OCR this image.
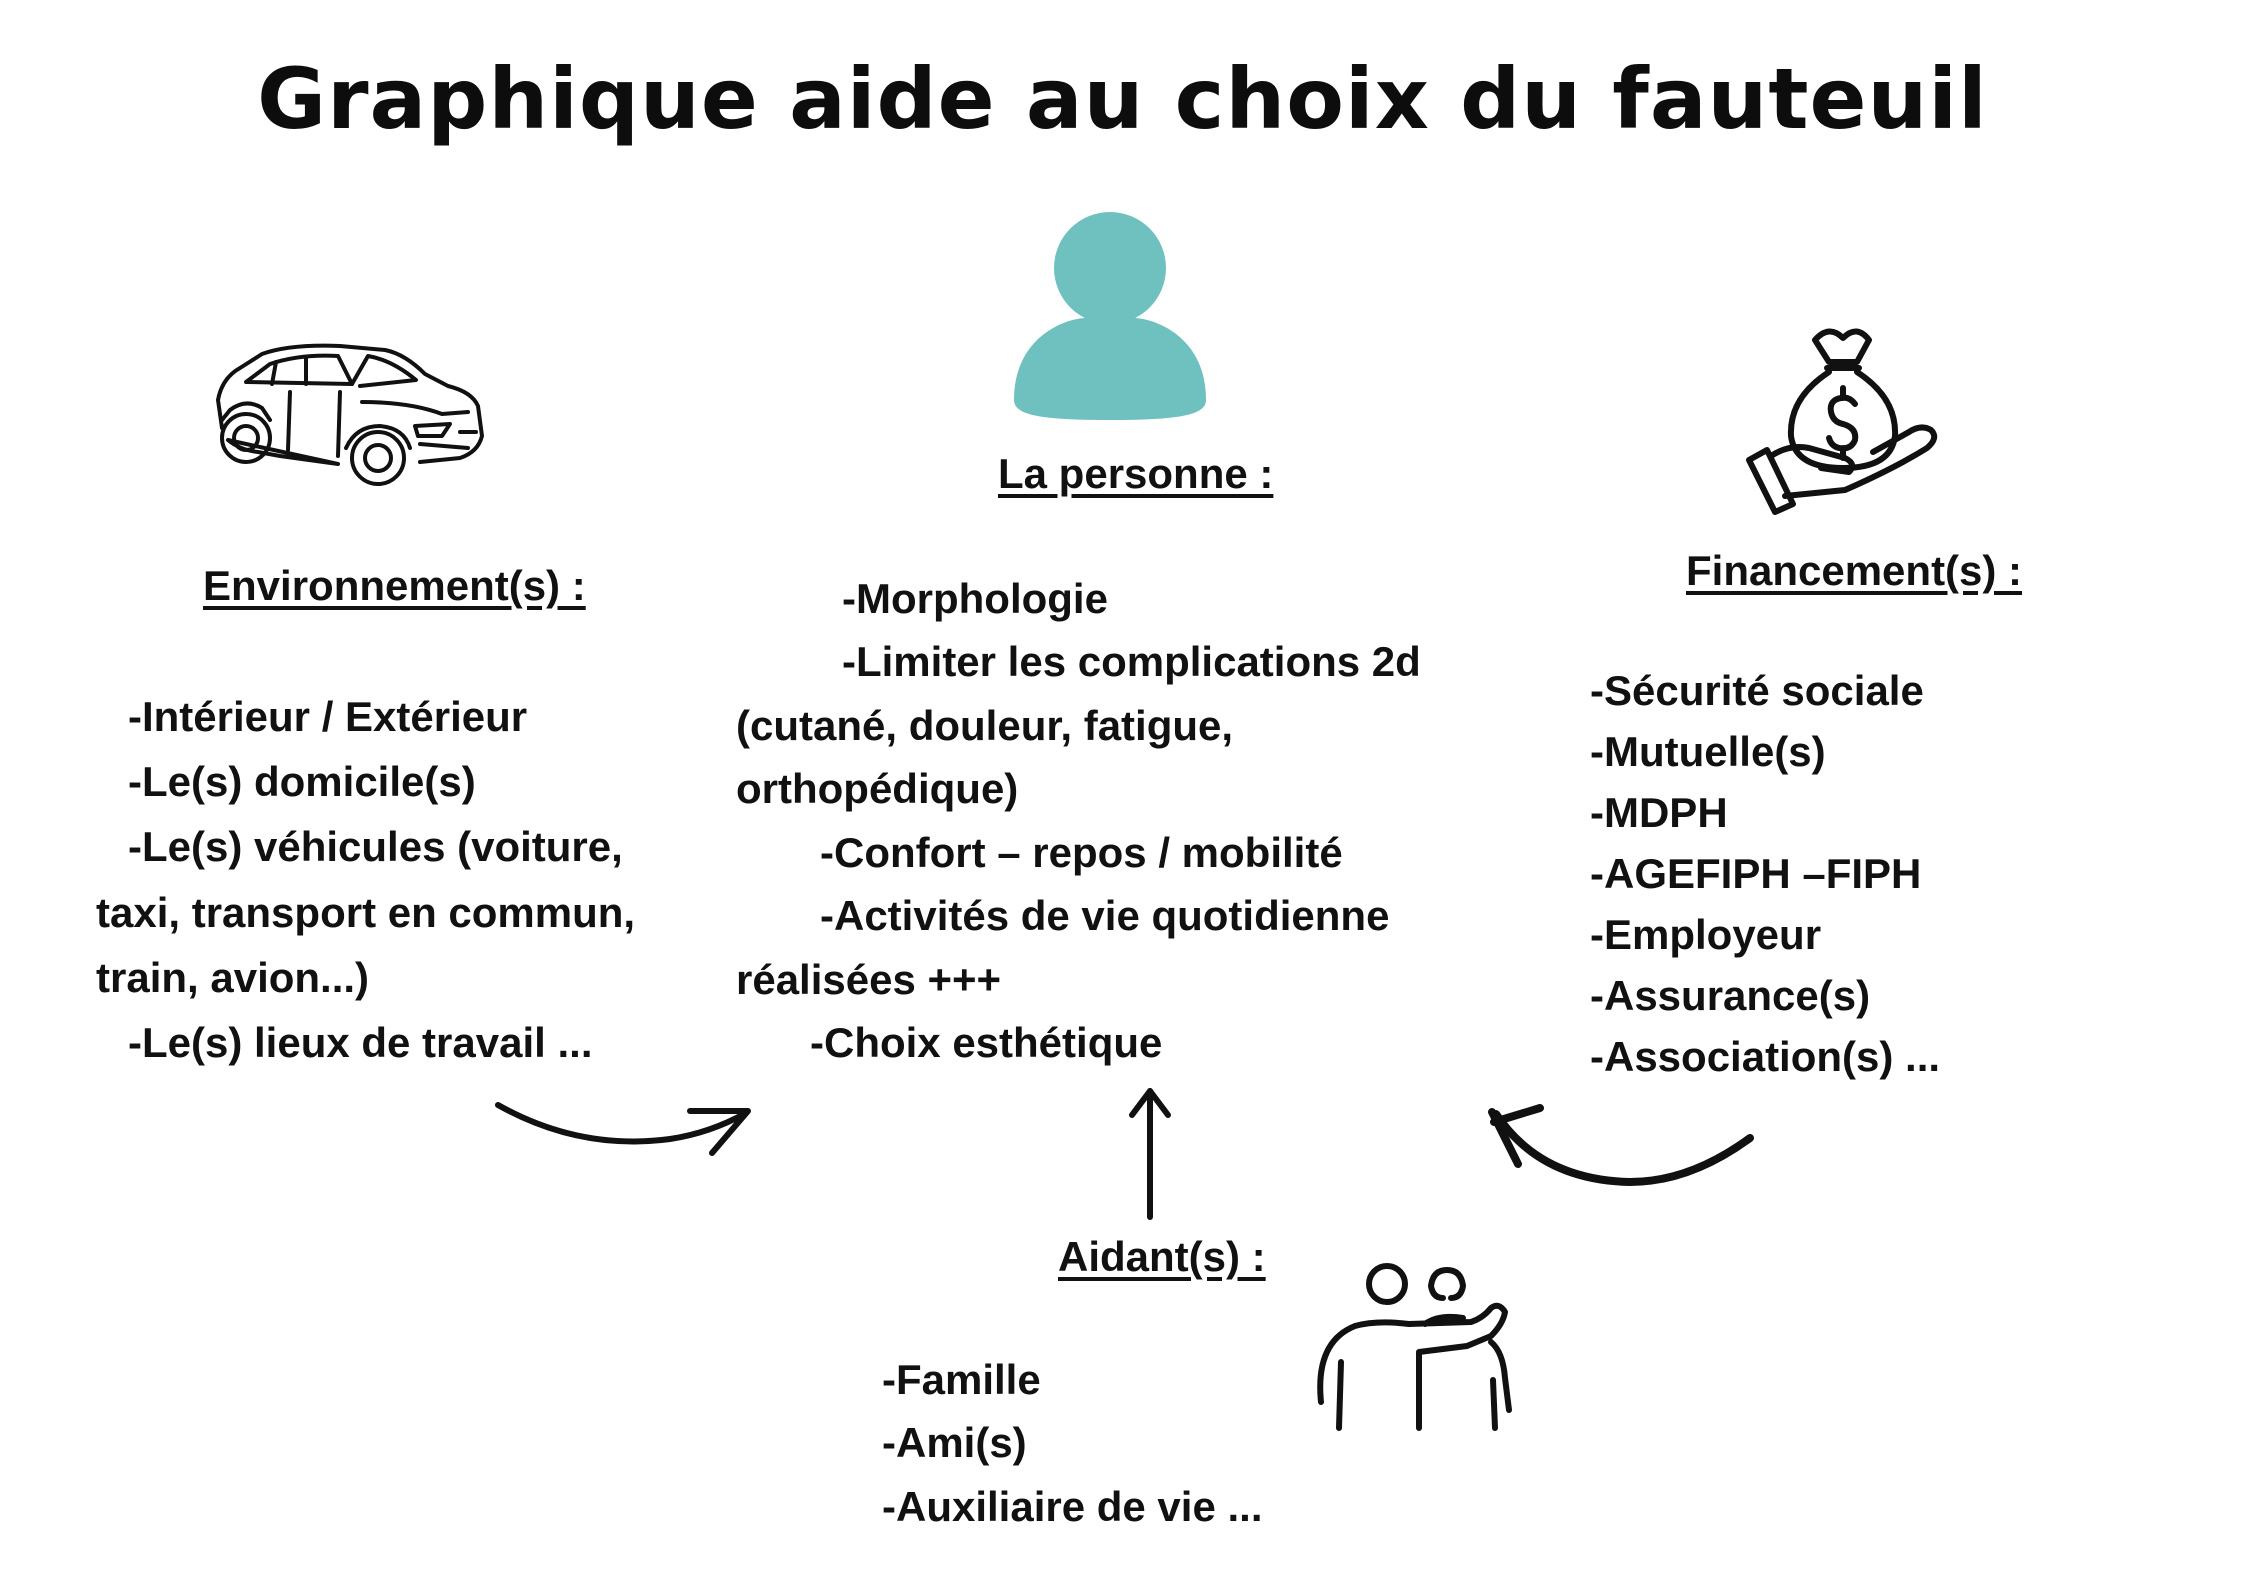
Graphique aide au choix du fauteuil
Environnement(s) :
La personne :
Financement(s) :
Aidant(s) :
-Intérieur / Extérieur
-Le(s) domicile(s)
-Le(s) véhicules (voiture,
taxi, transport en commun,
train, avion...)
-Le(s) lieux de travail ...
-Morphologie
-Limiter les complications 2d
(cutané, douleur, fatigue,
orthopédique)
-Confort – repos / mobilité
-Activités de vie quotidienne
réalisées +++
-Choix esthétique
-Sécurité sociale
-Mutuelle(s)
-MDPH
-AGEFIPH –FIPH
-Employeur
-Assurance(s)
-Association(s) ...
-Famille
-Ami(s)
-Auxiliaire de vie ...
